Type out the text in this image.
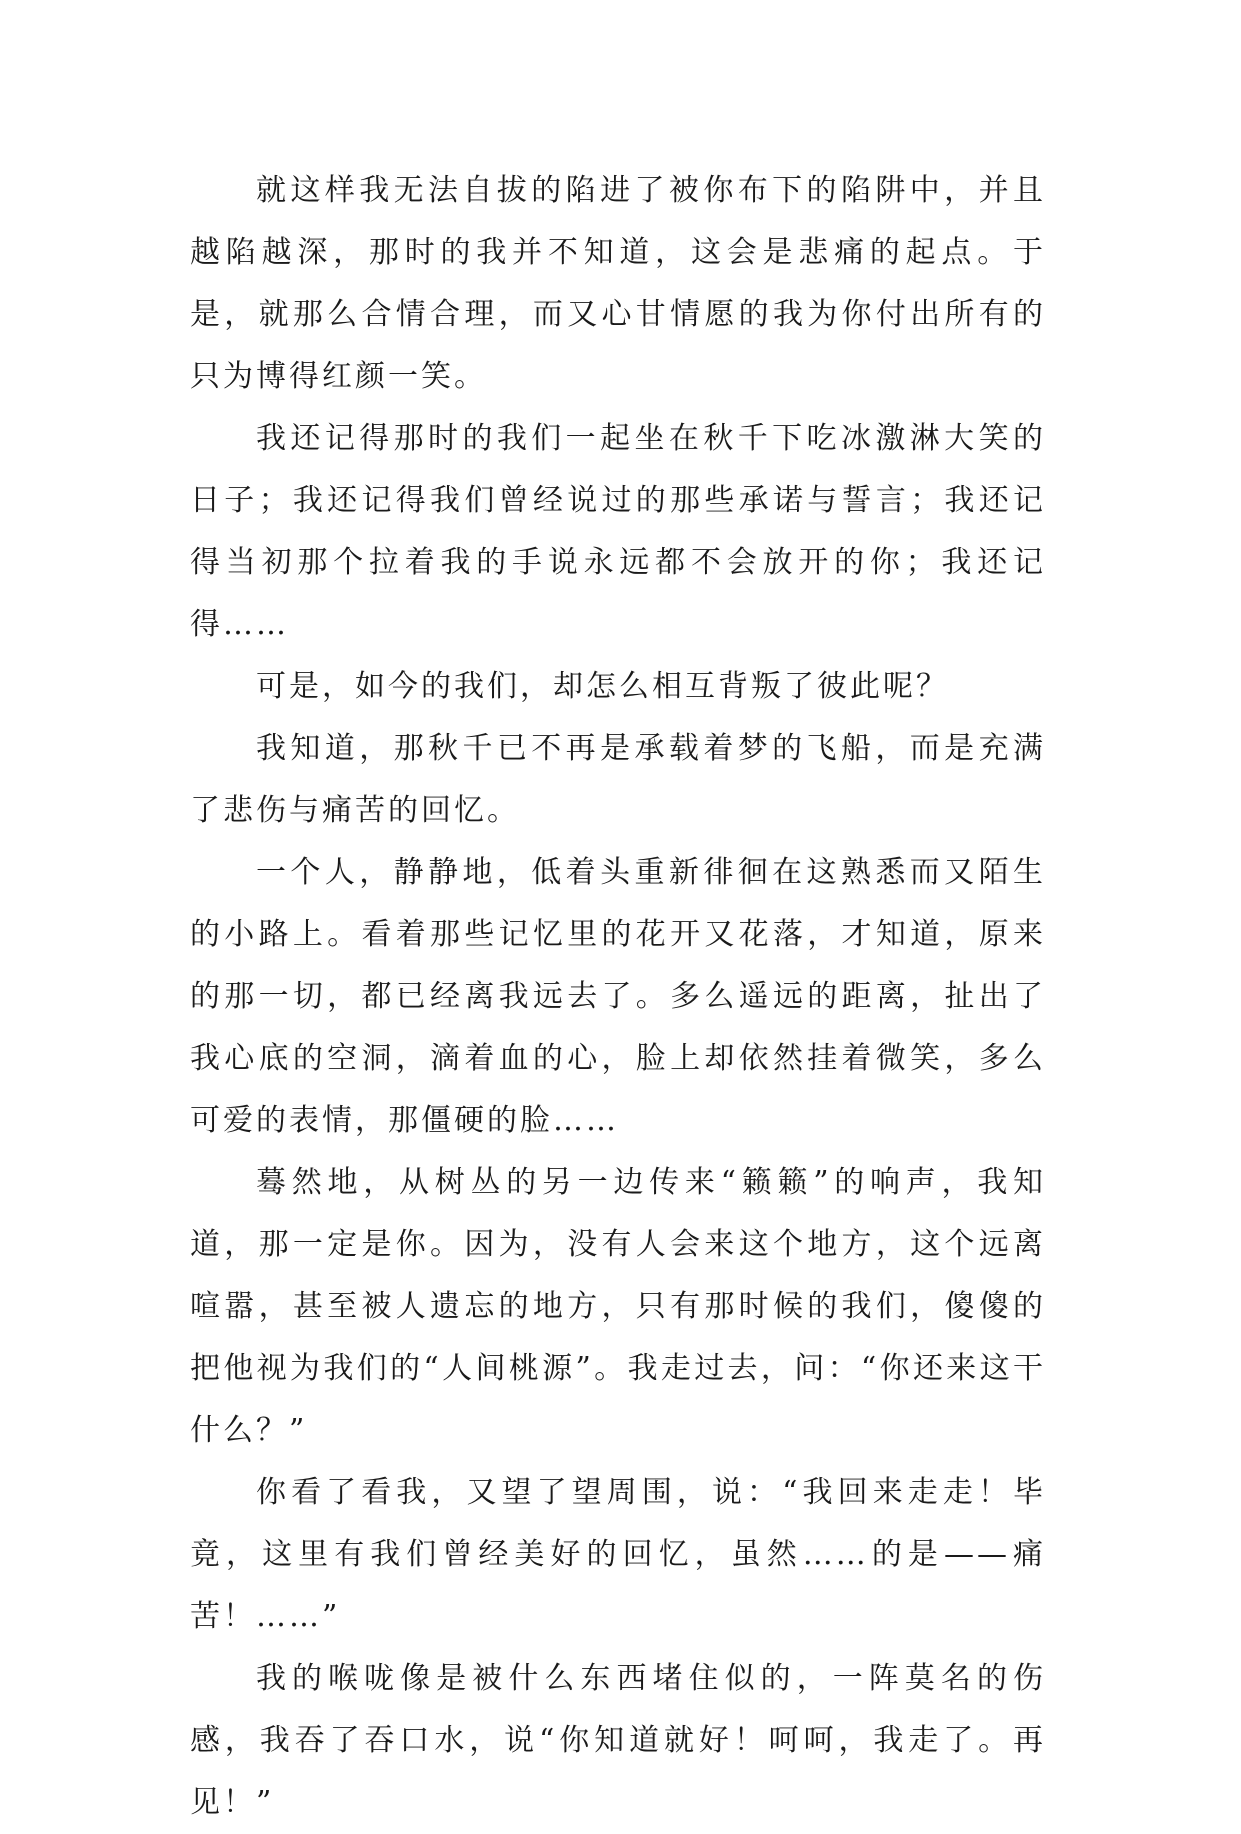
就这样我无法自拔的陷进了被你布下的陷阱中，并且越陷越深，那时的我并不知道，这会是悲痛的起点。于是，就那么合情合理，而又心甘情愿的我为你付出所有的只为博得红颜一笑。

我还记得那时的我们一起坐在秋千下吃冰激淋大笑的日子；我还记得我们曾经说过的那些承诺与誓言；我还记得当初那个拉着我的手说永远都不会放开的你；我还记得……

可是，如今的我们，却怎么相互背叛了彼此呢？

我知道，那秋千已不再是承载着梦的飞船，而是充满了悲伤与痛苦的回忆。

一个人，静静地，低着头重新徘徊在这熟悉而又陌生的小路上。看着那些记忆里的花开又花落，才知道，原来的那一切，都已经离我远去了。多么遥远的距离，扯出了我心底的空洞，滴着血的心，脸上却依然挂着微笑，多么可爱的表情，那僵硬的脸……

蓦然地，从树丛的另一边传来“籁籁”的响声，我知道，那一定是你。因为，没有人会来这个地方，这个远离喧嚣，甚至被人遗忘的地方，只有那时候的我们，傻傻的把他视为我们的“人间桃源”。我走过去，问：“你还来这干什么？”

你看了看我，又望了望周围，说：“我回来走走！毕竟，这里有我们曾经美好的回忆，虽然……的是——痛苦！……”

我的喉咙像是被什么东西堵住似的，一阵莫名的伤感，我吞了吞口水，说“你知道就好！呵呵，我走了。再见！”
